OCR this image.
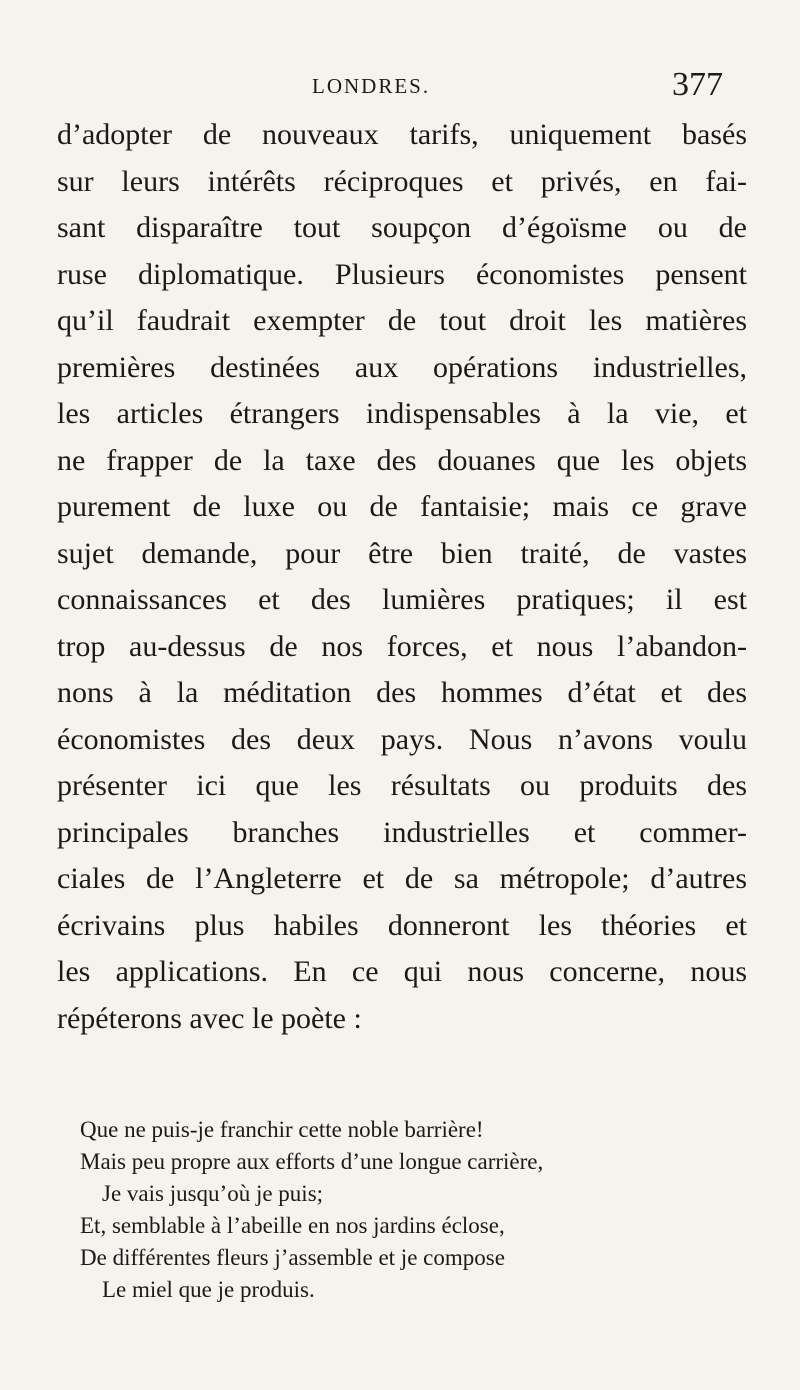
LONDRES.	377
d’adopter de nouveaux tarifs, uniquement basés
sur leurs intérêts réciproques et privés, en fai-
sant disparaître tout soupçon d’égoïsme ou de
ruse diplomatique. Plusieurs économistes pensent
qu’il faudrait exempter de tout droit les matières
premières destinées aux opérations industrielles,
les articles étrangers indispensables à la vie, et
ne frapper de la taxe des douanes que les objets
purement de luxe ou de fantaisie; mais ce grave
sujet demande, pour être bien traité, de vastes
connaissances et des lumières pratiques; il est
trop au-dessus de nos forces, et nous l’abandon-
nons à la méditation des hommes d’état et des
économistes des deux pays. Nous n’avons voulu
présenter ici que les résultats ou produits des
principales branches industrielles et commer-
ciales de l’Angleterre et de sa métropole; d’autres
écrivains plus habiles donneront les théories et
les applications. En ce qui nous concerne, nous
répéterons avec le poète :
Que ne puis-je franchir cette noble barrière!
Mais peu propre aux efforts d’une longue carrière,
Je vais jusqu’où je puis;
Et, semblable à l’abeille en nos jardins éclose,
De différentes fleurs j’assemble et je compose
Le miel que je produis.
